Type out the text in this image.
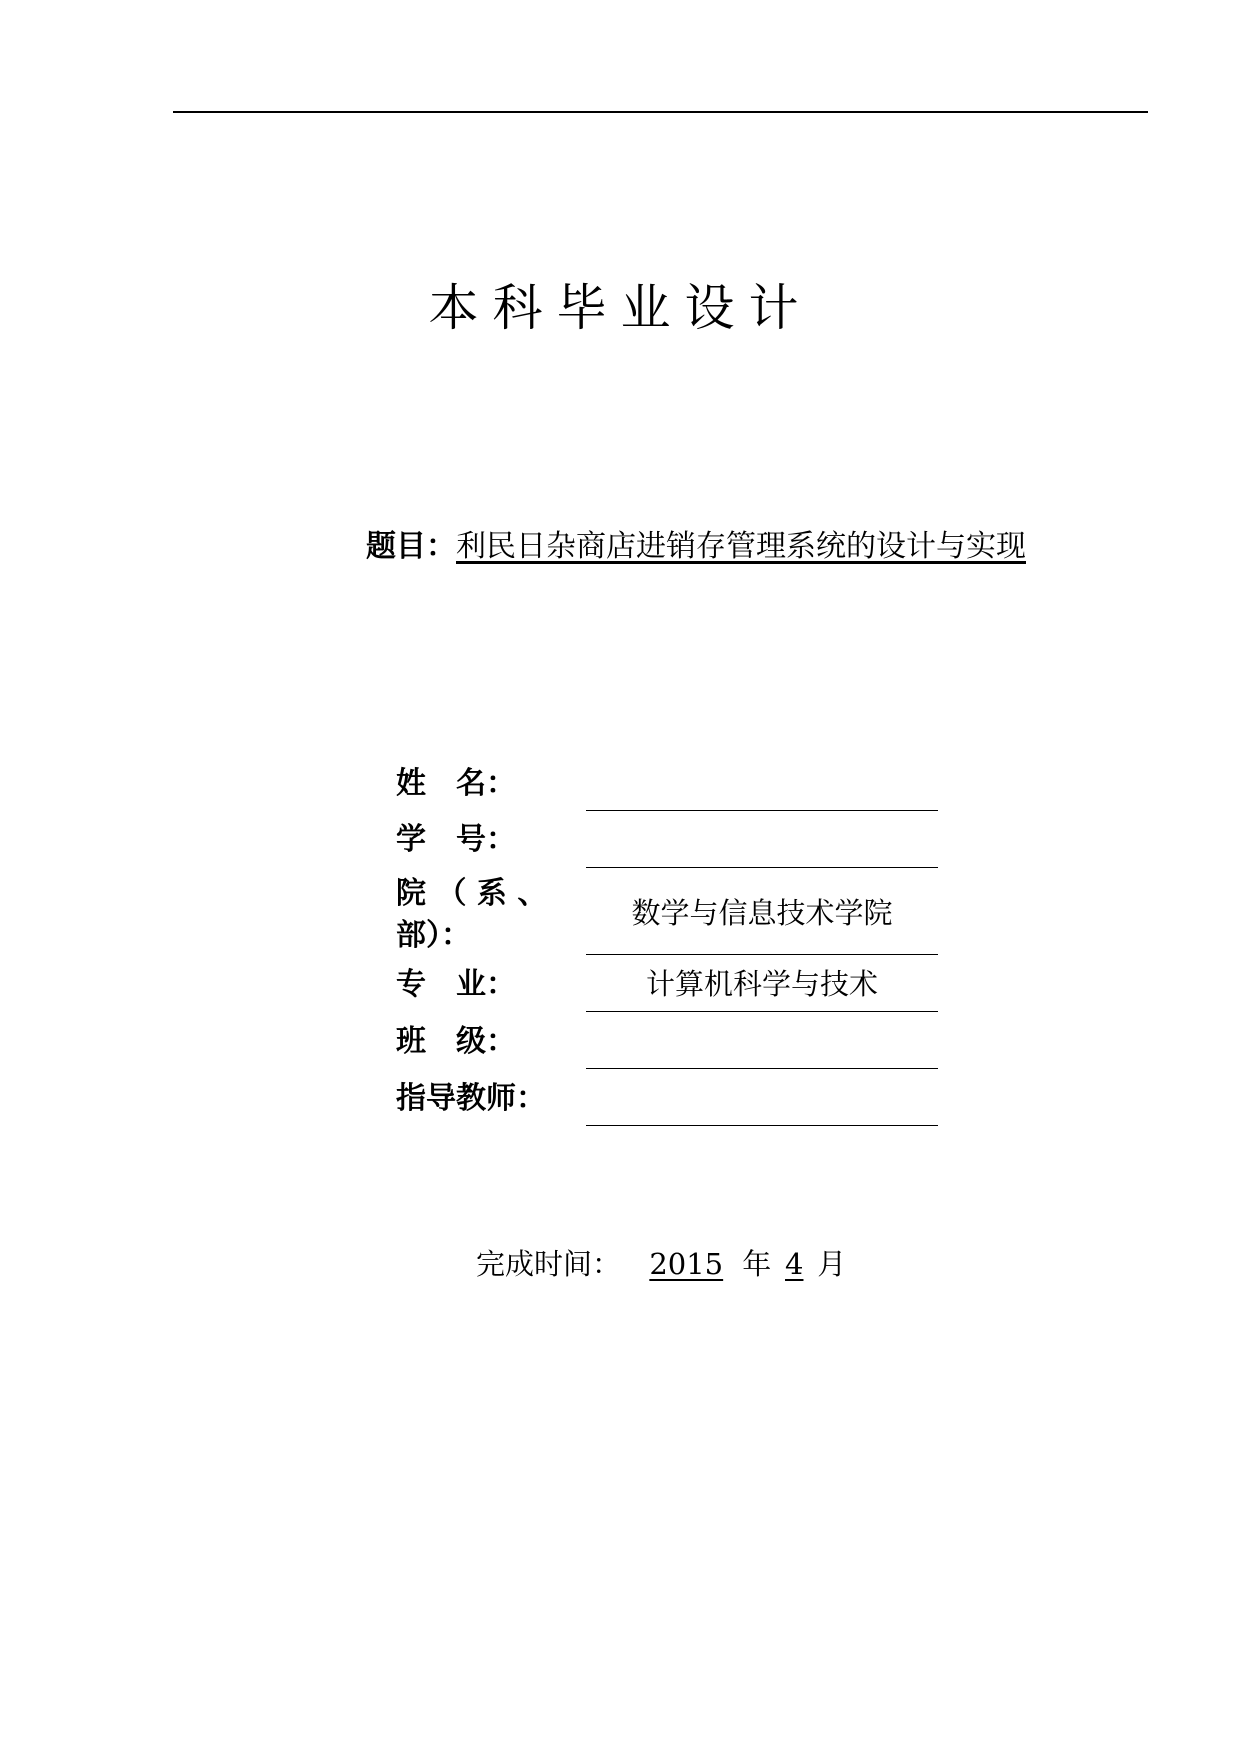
本科毕业设计
题目：利民日杂商店进销存管理系统的设计与实现
姓　名：
学　号：
院 （ 系 、
部）：
数学与信息技术学院
专　业：	计算机科学与技术
班　级：
指导教师：
完成时间： 2015 年 4 月
